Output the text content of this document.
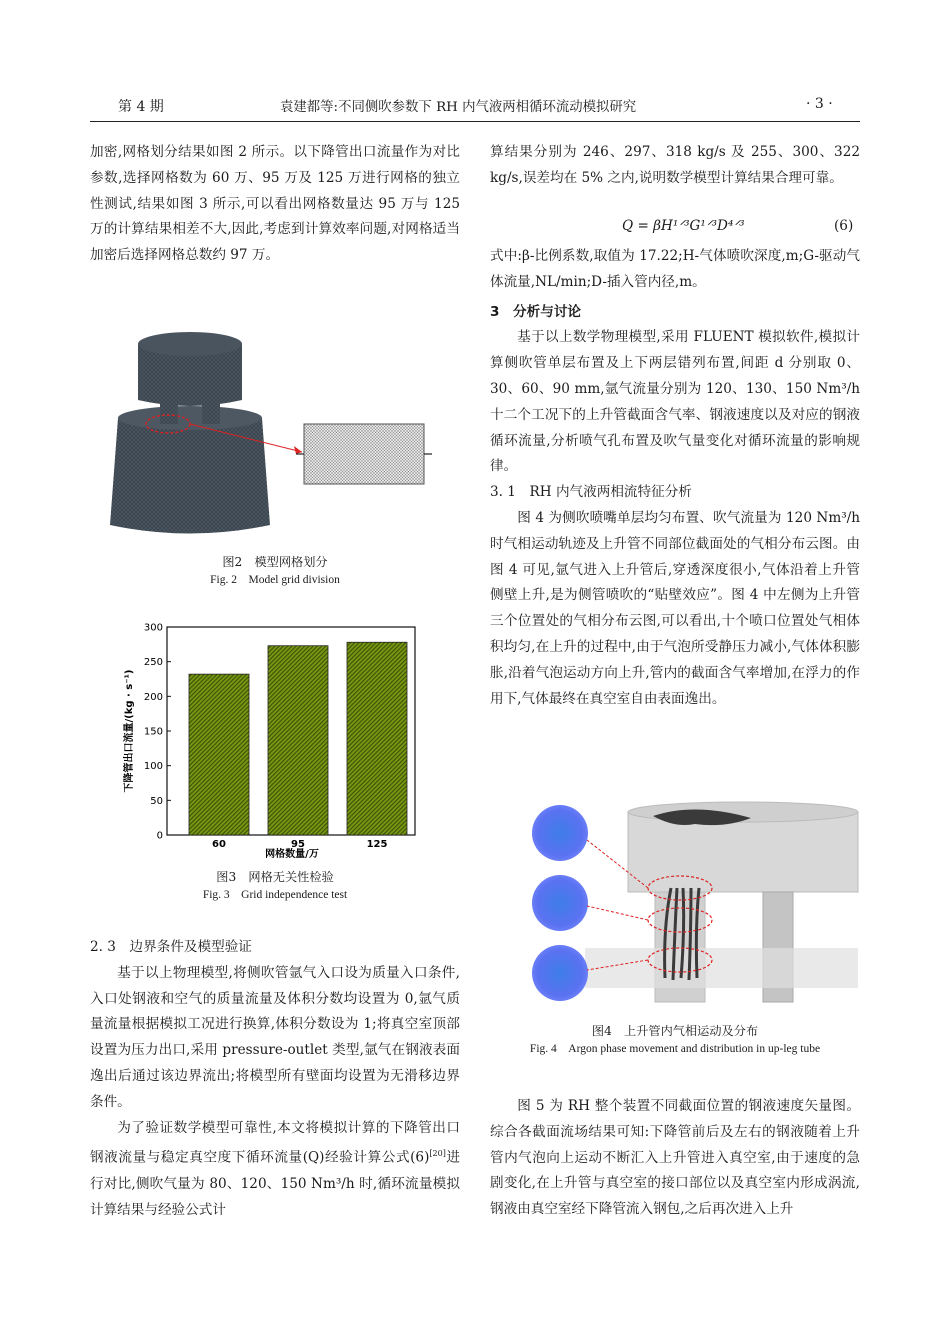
第 4 期	袁建都等:不同侧吹参数下 RH 内气液两相循环流动模拟研究	· 3 ·

加密,网格划分结果如图 2 所示。以下降管出口流量作为对比参数,选择网格数为 60 万、95 万及 125 万进行网格的独立性测试,结果如图 3 所示,可以看出网格数量达 95 万与 125 万的计算结果相差不大,因此,考虑到计算效率问题,对网格适当加密后选择网格总数约 97 万。

图2　模型网格划分
Fig. 2　Model grid division
下降管出口流量/(kg · s⁻¹)
网格数量/万
0
50
100
150
200
250
300
60	95	125
图3　网格无关性检验
Fig. 3　Grid independence test

2. 3　边界条件及模型验证

基于以上物理模型,将侧吹管氩气入口设为质量入口条件,入口处钢液和空气的质量流量及体积分数均设置为 0,氩气质量流量根据模拟工况进行换算,体积分数设为 1;将真空室顶部设置为压力出口,采用 pressure-outlet 类型,氩气在钢液表面逸出后通过该边界流出;将模型所有壁面均设置为无滑移边界条件。

为了验证数学模型可靠性,本文将模拟计算的下降管出口钢液流量与稳定真空度下循环流量(Q)经验计算公式(6)[20]进行对比,侧吹气量为 80、120、150 Nm³/h 时,循环流量模拟计算结果与经验公式计

算结果分别为 246、297、318 kg/s 及 255、300、322 kg/s,误差均在 5% 之内,说明数学模型计算结果合理可靠。

Q = βH¹ᐟ³G¹ᐟ³D⁴ᐟ³	(6)

式中:β-比例系数,取值为 17.22;H-气体喷吹深度,m;G-驱动气体流量,NL/min;D-插入管内径,m。

3　分析与讨论

基于以上数学物理模型,采用 FLUENT 模拟软件,模拟计算侧吹管单层布置及上下两层错列布置,间距 d 分别取 0、30、60、90 mm,氩气流量分别为 120、130、150 Nm³/h 十二个工况下的上升管截面含气率、钢液速度以及对应的钢液循环流量,分析喷气孔布置及吹气量变化对循环流量的影响规律。

3. 1　RH 内气液两相流特征分析

图 4 为侧吹喷嘴单层均匀布置、吹气流量为 120 Nm³/h 时气相运动轨迹及上升管不同部位截面处的气相分布云图。由图 4 可见,氩气进入上升管后,穿透深度很小,气体沿着上升管侧壁上升,是为侧管喷吹的“贴壁效应”。图 4 中左侧为上升管三个位置处的气相分布云图,可以看出,十个喷口位置处气相体积均匀,在上升的过程中,由于气泡所受静压力减小,气体体积膨胀,沿着气泡运动方向上升,管内的截面含气率增加,在浮力的作用下,气体最终在真空室自由表面逸出。

图4　上升管内气相运动及分布
Fig. 4　Argon phase movement and distribution in up-leg tube

图 5 为 RH 整个装置不同截面位置的钢液速度矢量图。综合各截面流场结果可知:下降管前后及左右的钢液随着上升管内气泡向上运动不断汇入上升管进入真空室,由于速度的急剧变化,在上升管与真空室的接口部位以及真空室内形成涡流,钢液由真空室经下降管流入钢包,之后再次进入上升
